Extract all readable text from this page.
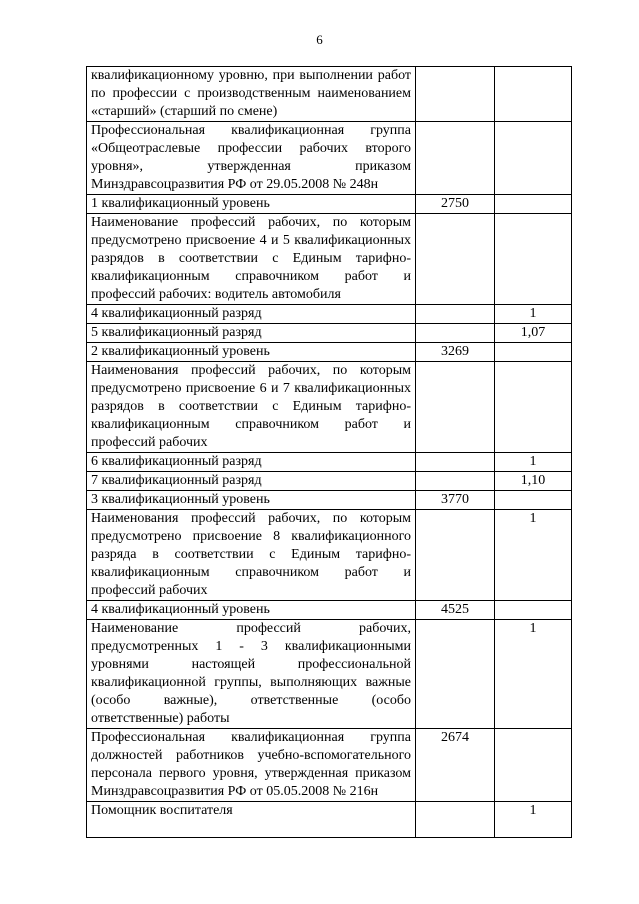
6
квалификационному уровню, при выполнении работ по профессии с производственным наименованием «старший» (старший по смене)		
Профессиональная квалификационная группа «Общеотраслевые профессии рабочих второго уровня», утвержденная приказом Минздравсоцразвития РФ от 29.05.2008 № 248н		
1 квалификационный уровень	2750	
Наименование профессий рабочих, по которым предусмотрено присвоение 4 и 5 квалификационных разрядов в соответствии с Единым тарифно-квалификационным справочником работ и профессий рабочих: водитель автомобиля		
4 квалификационный разряд		1
5 квалификационный разряд		1,07
2 квалификационный уровень	3269	
Наименования профессий рабочих, по которым предусмотрено присвоение 6 и 7 квалификационных разрядов в соответствии с Единым тарифно-квалификационным справочником работ и профессий рабочих		
6 квалификационный разряд		1
7 квалификационный разряд		1,10
3 квалификационный уровень	3770	
Наименования профессий рабочих, по которым предусмотрено присвоение 8 квалификационного разряда в соответствии с Единым тарифно-квалификационным справочником работ и профессий рабочих		1
4 квалификационный уровень	4525	
Наименование профессий рабочих, предусмотренных 1 - 3 квалификационными уровнями настоящей профессиональной квалификационной группы, выполняющих важные (особо важные), ответственные (особо ответственные) работы		1
Профессиональная квалификационная группа должностей работников учебно-вспомогательного персонала первого уровня, утвержденная приказом Минздравсоцразвития РФ от 05.05.2008 № 216н	2674	
Помощник воспитателя		1
